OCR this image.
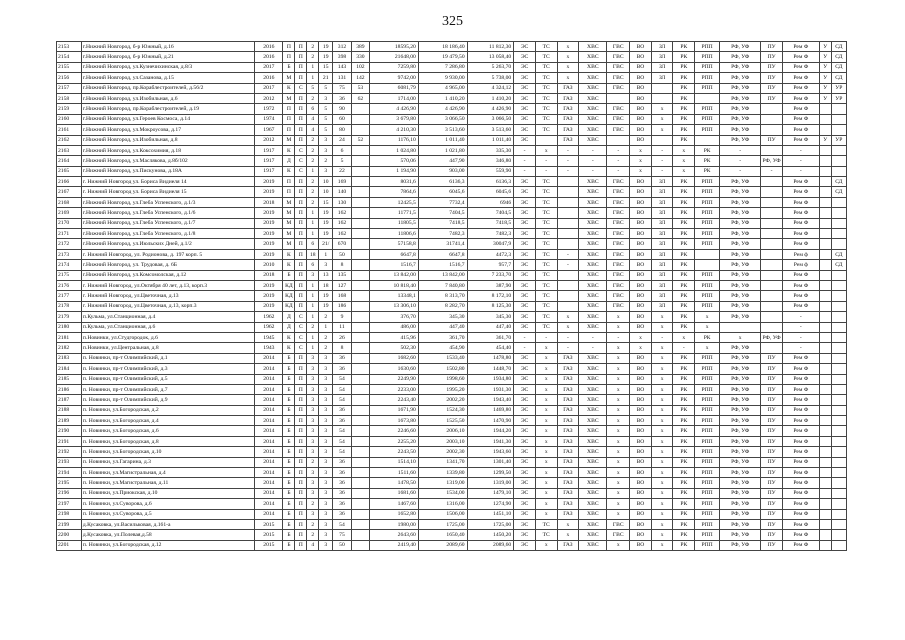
325
2153	г.Нижний Новгород, б-р Южный, д.16	2016	П	П	2	19	312	389	18595,20	18 186,40	11 812,30	ЭС	ТС	х	ХВС	ГВС	ВО	ЗЛ	РК	РПП	РФ, УФ	ПУ	Рем Ф	У	СД
2154	г.Нижний Новгород, б-р Южный, д.21	2016	П	П	2	19	398	330	21648,00	19 479,50	13 058,40	ЭС	ТС	х	ХВС	ГВС	ВО	ЗЛ	РК	РПП	РФ, УФ	ПУ	Рем Ф	У	СД
2155	г.Нижний Новгород, ул.Кузнечихинская, д.8/3	2017	Б	П	1	15	143	102	7259,80	7 286,80	5 263,70	ЭС	ТС	х	ХВС	ГВС	ВО	ЗЛ	РК	РПП	РФ, УФ	ПУ	Рем Ф	У	СД
2156	г.Нижний Новгород, ул.Сазанова, д.15	2016	М	П	1	21	131	142	9742,00	9 930,00	5 738,00	ЭС	ТС	х	ХВС	ГВС	ВО	ЗЛ	РК	РПП	РФ, УФ	ПУ	Рем Ф	У	СД
2157	г.Нижний Новгород, пр.Кораблестроителей, д.56/2	2017	К	С	5	5	75	53	6081,79	4 965,00	4 324,12	ЭС	ТС	ГАЗ	ХВС	ГВС	ВО		РК	РПП	РФ, УФ	ПУ	Рем Ф	У	УР
2158	г.Нижний Новгород, ул.Изобильная, д.6	2012	М	П	2	3	36	62	1714,00	1 410,20	1 410,20	ЭС	ТС	ГАЗ	ХВС		ВО		РК		РФ, УФ	ПУ	Рем Ф	У	УР
2159	г.Нижний Новгород, пр.Кораблестроителей, д.19	1972	П	П	6	5	90		4 426,90	4 426,90	4 426,90	ЭС	ТС	ГАЗ	ХВС	ГВС	ВО	х	РК	РПП	РФ, УФ		Рем Ф		
2160	г.Нижний Новгород, ул.Героев Космоса, д.14	1974	П	П	4	5	60		3 679,80	3 066,50	3 066,50	ЭС	ТС	ГАЗ	ХВС	ГВС	ВО	х	РК	РПП	РФ, УФ		Рем Ф		
2161	г.Нижний Новгород, ул.Мокроусова, д.17	1967	П	П	4	5	80		4 210,30	3 513,60	3 513,60	ЭС	ТС	ГАЗ	ХВС	ГВС	ВО	х	РК	РПП	РФ, УФ		Рем Ф		
2162	г.Нижний Новгород, ул.Изобильная, д.8	2012	М	П	2	3	24	52	1176,10	1 011,40	1 011,40	ЭС		ГАЗ	ХВС		ВО		РК		РФ, УФ	ПУ	Рем Ф	У	УР
2163	г.Нижний Новгород, ул.Коксохимия, д.18	1917	К	С	2	3	6		1 024,80	1 021,80	335,30	-	х	-	-	-	х	-	х	РК	-		-		
2164	г.Нижний Новгород, ул.Маслякова, д.8б/102	1917	Д	С	2	2	5		570,06	447,90	346,80	-	-	-	-	-	х	-	х	РК	-	РФ, УФ	-		
2165	г.Нижний Новгород, ул.Пискунова, д.18А	1917	К	С	1	3	22		1 194,90	903,00	559,90	-	-	-	-	-	х	-	х	РК	-	-	-		
2166	г. Нижний Новгород ул. Бориса Видиеля 14	2019	П	П	2	10	169		8031,6	6136,3	6136,3	ЭС	ТС		ХВС	ГВС	ВО	ЗЛ	РК	РПП	РФ, УФ		Рем Ф		СД
2167	г. Нижний Новгород ул. Бориса Видиеля 15	2019	П	П	2	10	140		7864,6	6045,6	6045,6	ЭС	ТС		ХВС	ГВС	ВО	ЗЛ	РК	РПП	РФ, УФ		Рем Ф		СД
2168	г.Нижний Новгород, ул.Глеба Успенского, д.1/3	2018	М	П	2	15	130		12425,5	7732,4	6946	ЭС	ТС		ХВС	ГВС	ВО	ЗЛ	РК	РПП	РФ, УФ		Рем Ф		
2169	г.Нижний Новгород, ул.Глеба Успенского, д.1/6	2019	М	П	1	19	162		11771,5	7404,5	7404,5	ЭС	ТС		ХВС	ГВС	ВО	ЗЛ	РК	РПП	РФ, УФ		Рем Ф		
2170	г.Нижний Новгород, ул.Глеба Успенского, д.1/7	2019	М	П	1	19	162		11805,5	7418,5	7418,5	ЭС	ТС		ХВС	ГВС	ВО	ЗЛ	РК	РПП	РФ, УФ		Рем Ф		
2171	г.Нижний Новгород, ул.Глеба Успенского, д.1/8	2019	М	П	1	19	162		11806,6	7482,3	7482,3	ЭС	ТС		ХВС	ГВС	ВО	ЗЛ	РК	РПП	РФ, УФ		Рем Ф		
2172	г.Нижний Новгород, ул.Июльских Дней, д.1/2	2019	М	П	6	21/	670		57158,8	31741,4	30047,9	ЭС	ТС		ХВС	ГВС	ВО	ЗЛ	РК	РПП	РФ, УФ		Рем Ф		
2173	г. Нижний Новгород, ул. Родионова, д. 197 корп. 5	2019	К	П	18	1	50		6647,8	6647,8	4472,3	ЭС	ТС	-	ХВС	ГВС	ВО	ЗЛ	РК		РФ, УФ		Рем ф		СД
2174	г.Нижний Новгород, ул. Трудовая, д. 6Б	2010	К	П	6	3	8		1516,7	1516,7	957,7	ЭС	ТС	-	ХВС	ГВС	ВО	ЗЛ	РК		РФ, УФ		Рем ф		СД
2175	г.Нижний Новгород, ул.Комсомолская, д.12	2018	Б	П	3	13	135		13 842,00	13 842,00	7 233,70	ЭС	ТС		ХВС	ГВС	ВО	ЗЛ	РК	РПП	РФ, УФ		Рем Ф		
2176	г. Нижний Новгород, ул.Октября 40 лет, д.13, корп.3	2019	КД	П	1	18	127		10 818,40	7 840,80	387,90	ЭС	ТС		ХВС	ГВС	ВО	ЗЛ	РК	РПП	РФ, УФ		Рем Ф		
2177	г. Нижний Новгород, ул.Цветочная, д.13	2019	КД	П	1	19	168		13348,1	8 313,70	8 172,10	ЭС	ТС		ХВС	ГВС	ВО	ЗЛ	РК	РПП	РФ, УФ		Рем Ф		
2178	г. Нижний Новгород, ул.Цветочная, д.13, корп.3	2019	КД	П	1	19	186		13 306,10	8 282,70	8 125,30	ЭС	ТС		ХВС	ГВС	ВО	ЗЛ	РК	РПП	РФ, УФ		Рем Ф		
2179	п.Кульма, ул.Станционная, д.4	1962	Д	С	1	2	9		376,70	345,30	345,30	ЭС	ТС	х	ХВС	х	ВО	х	РК	х	РФ, УФ		-		
2180	п.Кульма, ул.Станционная, д.6	1962	Д	С	2	1	11		486,00	447,40	447,40	ЭС	ТС	х	ХВС	х	ВО	х	РК	х			-		
2181	п.Новинки, ул.Студгородок, д.6	1945	К	С	1	2	26		415,96	361,70	361,70	-	-	-	-	-	х	-	х	РК	х	РФ, УФ	-		
2182	п.Новинки, ул.Центральная, д.8	1943	К	С	1	2	8		502,30	454,90	454,40	-	х	-	-	х	х	х	-	х	РФ, УФ		-		
2183	п. Новинки, пр-т Олимпийский, д.1	2014	Б	П	3	3	36		1682,60	1533,40	1478,80	ЭС	х	ГАЗ	ХВС	х	ВО	х	РК	РПП	РФ, УФ	ПУ	Рем Ф		
2184	п. Новинки, пр-т Олимпийский, д.3	2014	Б	П	3	3	36		1630,60	1502,80	1448,70	ЭС	х	ГАЗ	ХВС	х	ВО	х	РК	РПП	РФ, УФ	ПУ	Рем Ф		
2185	п. Новинки, пр-т Олимпийский, д.5	2014	Б	П	3	3	54		2249,90	1998,60	1934,80	ЭС	х	ГАЗ	ХВС	х	ВО	х	РК	РПП	РФ, УФ	ПУ	Рем Ф		
2186	п. Новинки, пр-т Олимпийский, д.7	2014	Б	П	3	3	54		2233,00	1995,20	1931,30	ЭС	х	ГАЗ	ХВС	х	ВО	х	РК	РПП	РФ, УФ	ПУ	Рем Ф		
2187	п. Новинки, пр-т Олимпийский, д.9	2014	Б	П	3	3	54		2243,40	2002,20	1943,40	ЭС	х	ГАЗ	ХВС	х	ВО	х	РК	РПП	РФ, УФ	ПУ	Рем Ф		
2188	п. Новинки, ул.Богородская, д.2	2014	Б	П	3	3	36		1671,90	1524,30	1469,80	ЭС	х	ГАЗ	ХВС	х	ВО	х	РК	РПП	РФ, УФ	ПУ	Рем Ф		
2189	п. Новинки, ул.Богородская, д.4	2014	Б	П	3	3	36		1673,80	1525,50	1470,90	ЭС	х	ГАЗ	ХВС	х	ВО	х	РК	РПП	РФ, УФ	ПУ	Рем Ф		
2190	п. Новинки, ул.Богородская, д.6	2014	Б	П	3	3	54		2246,60	2006,10	1944,20	ЭС	х	ГАЗ	ХВС	х	ВО	х	РК	РПП	РФ, УФ	ПУ	Рем Ф		
2191	п. Новинки, ул.Богородская, д.8	2014	Б	П	3	3	54		2255,20	2003,10	1941,30	ЭС	х	ГАЗ	ХВС	х	ВО	х	РК	РПП	РФ, УФ	ПУ	Рем Ф		
2192	п. Новинки, ул.Богородская, д.10	2014	Б	П	3	3	54		2243,50	2002,30	1943,60	ЭС	х	ГАЗ	ХВС	х	ВО	х	РК	РПП	РФ, УФ	ПУ	Рем Ф		
2193	п. Новинки, ул.Гагарина, д.3	2014	Б	П	2	3	36		1514,10	1341,70	1301,40	ЭС	х	ГАЗ	ХВС	х	ВО	х	РК	РПП	РФ, УФ	ПУ	Рем Ф		
2194	п. Новинки, ул.Магистральная, д.4	2014	Б	П	3	3	36		1511,60	1339,80	1299,50	ЭС	х	ГАЗ	ХВС	х	ВО	х	РК	РПП	РФ, УФ	ПУ	Рем Ф		
2195	п. Новинки, ул.Магистральная, д.11	2014	Б	П	3	3	36		1478,50	1319,00	1319,00	ЭС	х	ГАЗ	ХВС	х	ВО	х	РК	РПП	РФ, УФ	ПУ	Рем Ф		
2196	п. Новинки, ул.Приокская, д.10	2014	Б	П	3	3	36		1681,60	1534,00	1479,10	ЭС	х	ГАЗ	ХВС	х	ВО	х	РК	РПП	РФ, УФ	ПУ	Рем Ф		
2197	п. Новинки, ул.Суворова, д.6	2014	Б	П	2	3	36		1467,60	1316,00	1274,90	ЭС	х	ГАЗ	ХВС	х	ВО	х	РК	РПП	РФ, УФ	ПУ	Рем Ф		
2198	п. Новинки, ул.Суворова, д.5	2014	Б	П	3	3	36		1652,80	1506,00	1451,10	ЭС	х	ГАЗ	ХВС	х	ВО	х	РК	РПП	РФ, УФ	ПУ	Рем Ф		
2199	д.Кусаковка, ул.Васильковая, д.161-а	2015	Б	П	2	3	54		1980,00	1725,00	1725,00	ЭС	ТС	х	ХВС	ГВС	ВО	х	РК	РПП	РФ, УФ	ПУ	Рем Ф		
2200	д.Кусаковка, ул.Полевая,д.58	2015	Б	П	2	3	75		2643,60	1650,40	1450,20	ЭС	ТС	х	ХВС	ГВС	ВО	х	РК	РПП	РФ, УФ	ПУ	Рем Ф		
2201	п. Новинки, ул.Богородская, д.12	2015	Б	П	4	3	50		2419,40	2089,60	2089,60	ЭС	х	ГАЗ	ХВС	х	ВО	х	РК	РПП	РФ, УФ	ПУ	Рем Ф		
